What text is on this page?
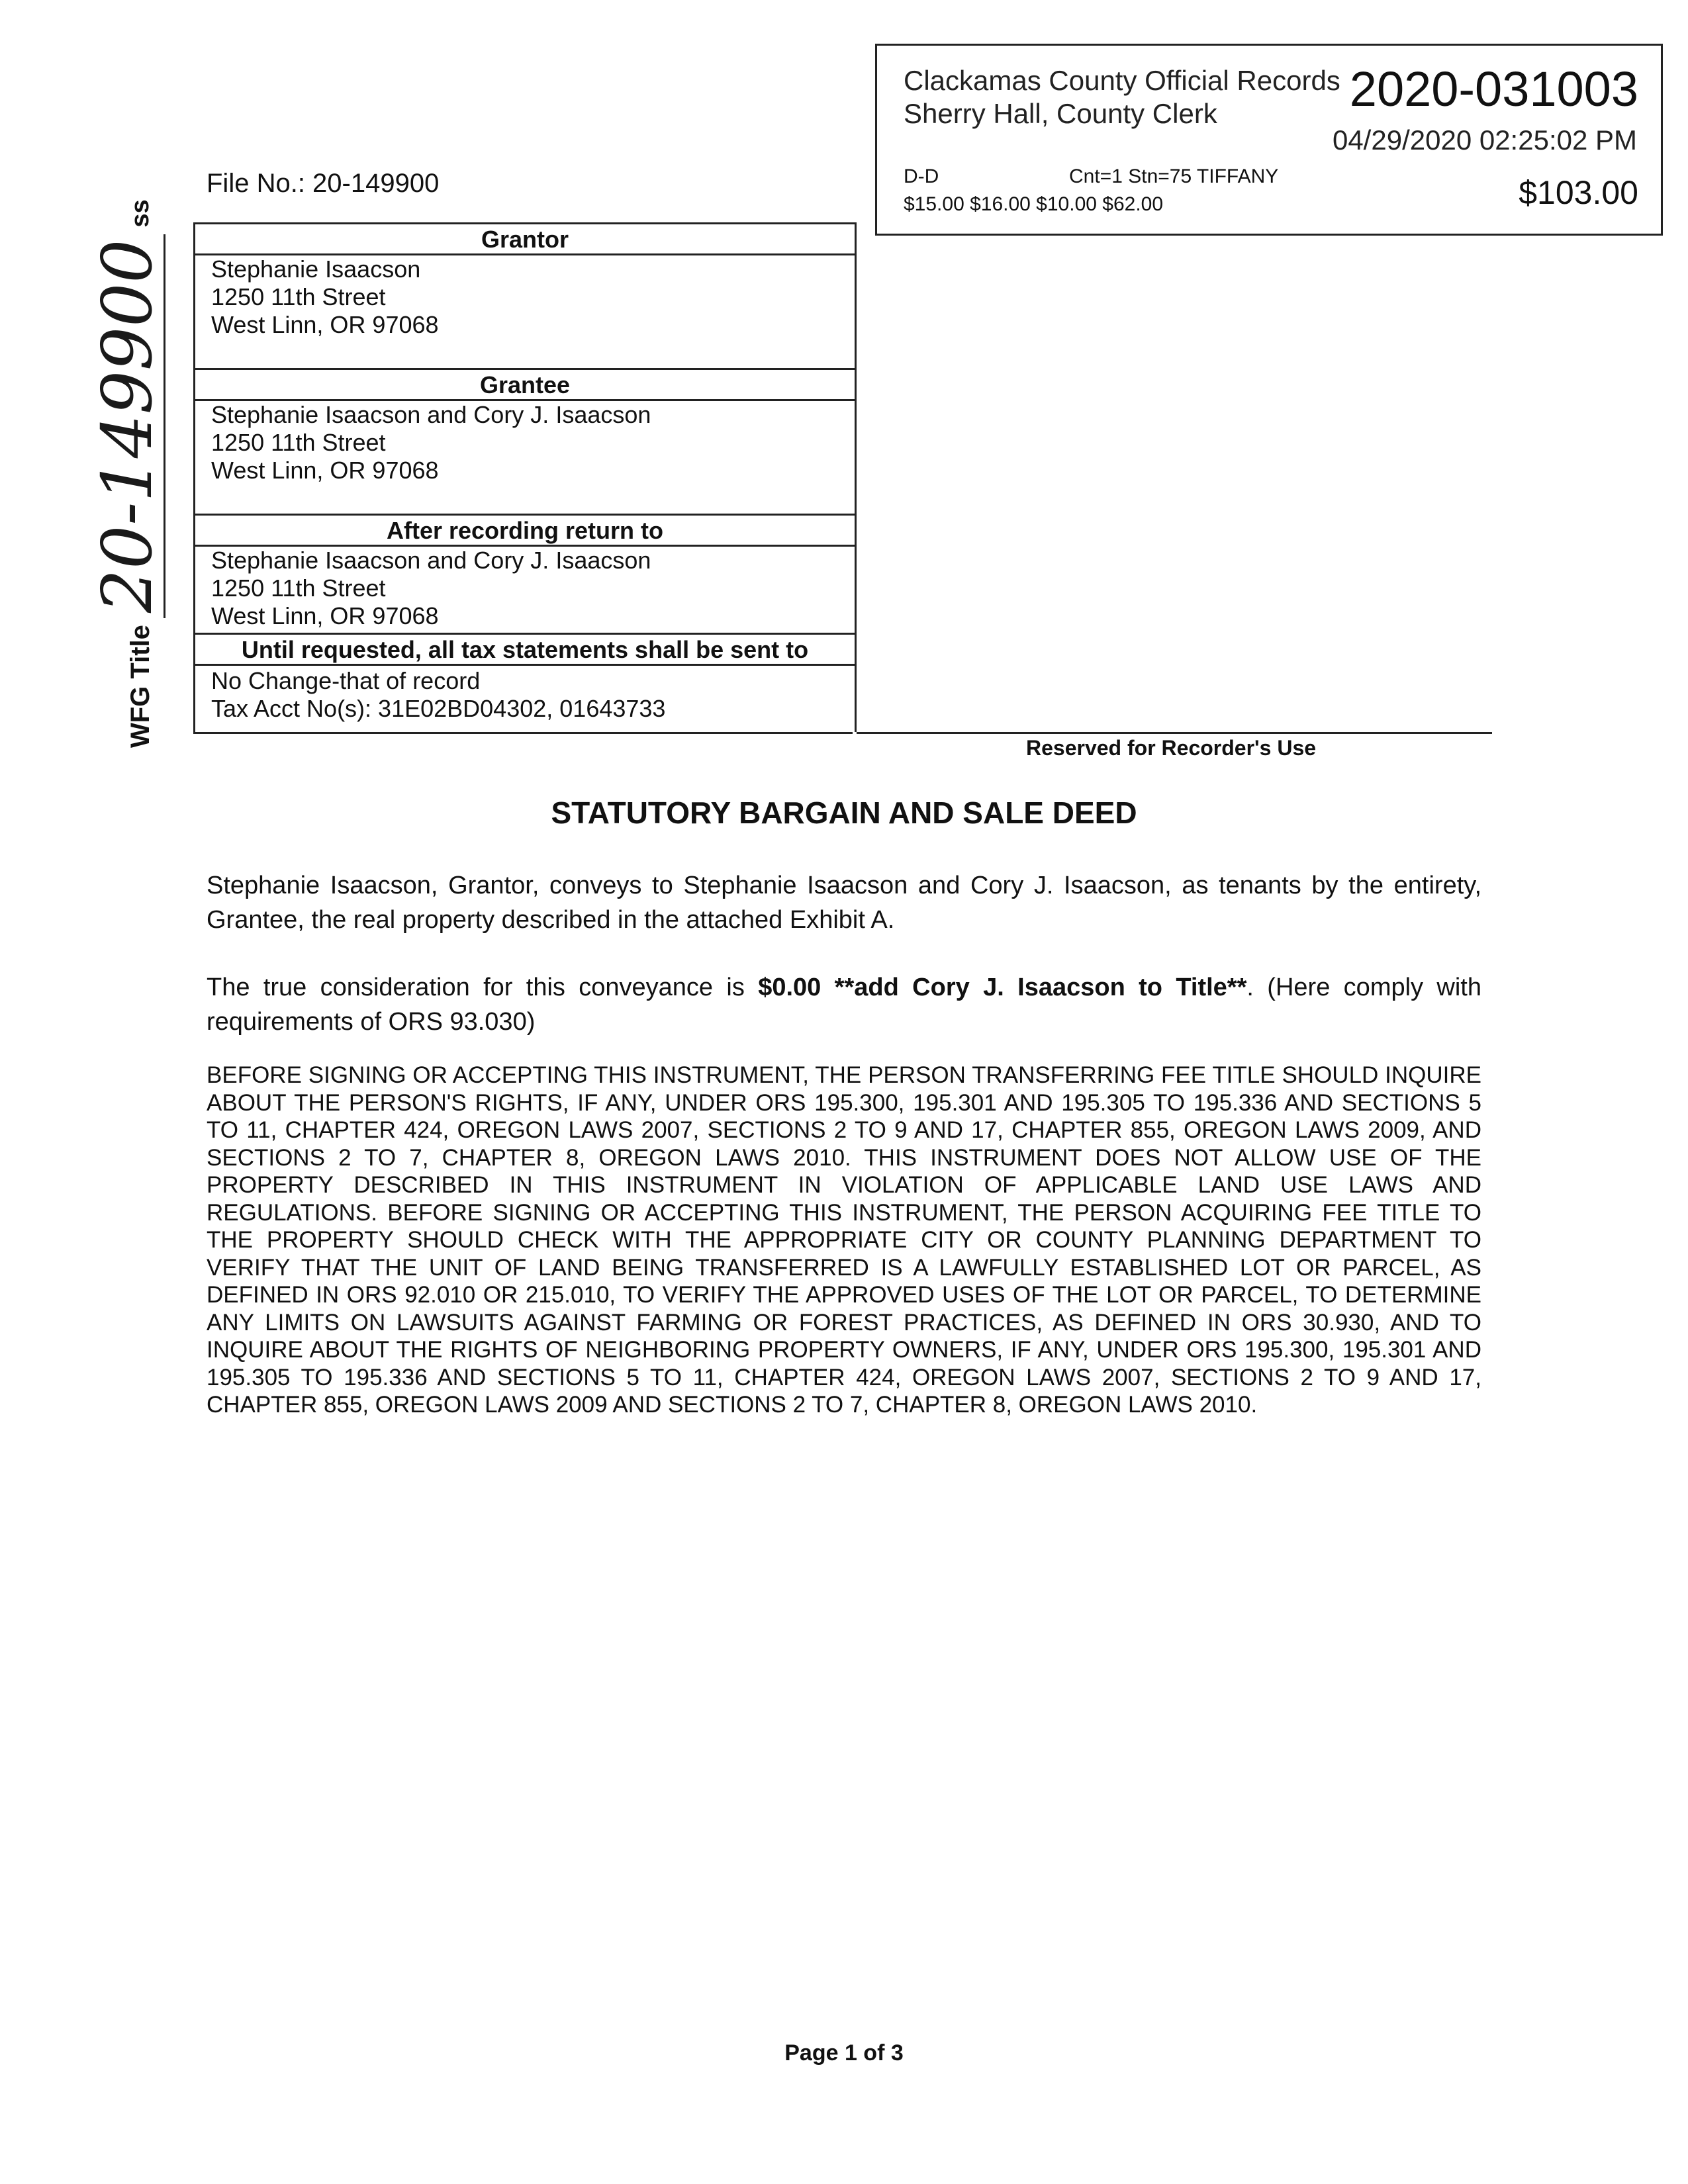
WFG Title
20-149900
ss
Clackamas County Official Records
Sherry Hall, County Clerk	2020-031003
04/29/2020 02:25:02 PM
D-D	Cnt=1 Stn=75 TIFFANY
$15.00 $16.00 $10.00 $62.00	$103.00
File No.: 20-149900
Grantor
Stephanie Isaacson
1250 11th Street
West Linn, OR 97068
Grantee
Stephanie Isaacson and Cory J. Isaacson
1250 11th Street
West Linn, OR 97068
After recording return to
Stephanie Isaacson and Cory J. Isaacson
1250 11th Street
West Linn, OR 97068
Until requested, all tax statements shall be sent to
No Change-that of record
Tax Acct No(s): 31E02BD04302, 01643733
Reserved for Recorder's Use
STATUTORY BARGAIN AND SALE DEED
Stephanie Isaacson, Grantor, conveys to Stephanie Isaacson and Cory J. Isaacson, as tenants by the entirety, Grantee, the real property described in the attached Exhibit A.
The true consideration for this conveyance is $0.00 **add Cory J. Isaacson to Title**. (Here comply with requirements of ORS 93.030)
BEFORE SIGNING OR ACCEPTING THIS INSTRUMENT, THE PERSON TRANSFERRING FEE TITLE SHOULD INQUIRE ABOUT THE PERSON'S RIGHTS, IF ANY, UNDER ORS 195.300, 195.301 AND 195.305 TO 195.336 AND SECTIONS 5 TO 11, CHAPTER 424, OREGON LAWS 2007, SECTIONS 2 TO 9 AND 17, CHAPTER 855, OREGON LAWS 2009, AND SECTIONS 2 TO 7, CHAPTER 8, OREGON LAWS 2010. THIS INSTRUMENT DOES NOT ALLOW USE OF THE PROPERTY DESCRIBED IN THIS INSTRUMENT IN VIOLATION OF APPLICABLE LAND USE LAWS AND REGULATIONS. BEFORE SIGNING OR ACCEPTING THIS INSTRUMENT, THE PERSON ACQUIRING FEE TITLE TO THE PROPERTY SHOULD CHECK WITH THE APPROPRIATE CITY OR COUNTY PLANNING DEPARTMENT TO VERIFY THAT THE UNIT OF LAND BEING TRANSFERRED IS A LAWFULLY ESTABLISHED LOT OR PARCEL, AS DEFINED IN ORS 92.010 OR 215.010, TO VERIFY THE APPROVED USES OF THE LOT OR PARCEL, TO DETERMINE ANY LIMITS ON LAWSUITS AGAINST FARMING OR FOREST PRACTICES, AS DEFINED IN ORS 30.930, AND TO INQUIRE ABOUT THE RIGHTS OF NEIGHBORING PROPERTY OWNERS, IF ANY, UNDER ORS 195.300, 195.301 AND 195.305 TO 195.336 AND SECTIONS 5 TO 11, CHAPTER 424, OREGON LAWS 2007, SECTIONS 2 TO 9 AND 17, CHAPTER 855, OREGON LAWS 2009 AND SECTIONS 2 TO 7, CHAPTER 8, OREGON LAWS 2010.
Page 1 of 3
